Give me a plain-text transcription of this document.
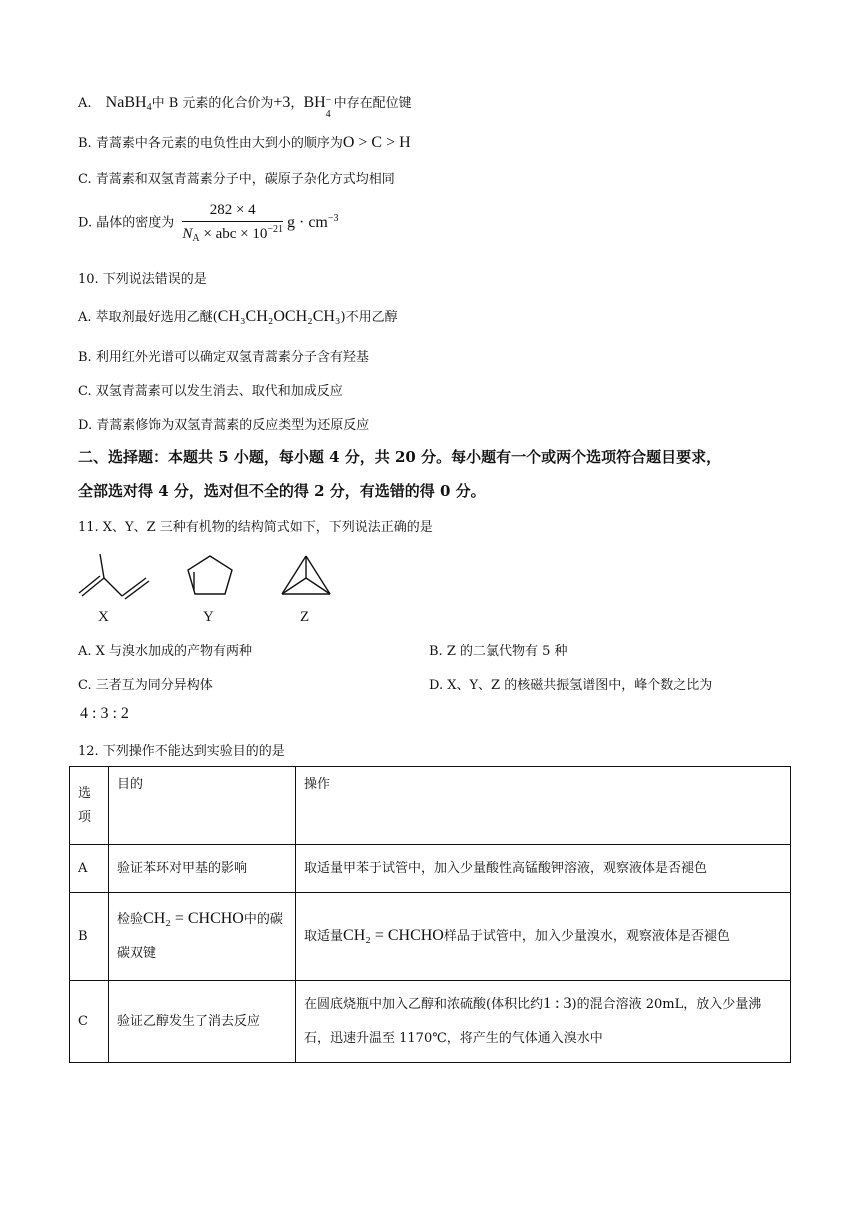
A. NaBH$_4$中 B 元素的化合价为+3，BH −
4
中存在配位键
B. 青蒿素中各元素的电负性由大到小的顺序为O > C > H
C. 青蒿素和双氢青蒿素分子中，碳原子杂化方式均相同
D. 晶体的密度为 $\frac{282 \times 4}{N_A \times abc \times 10^{-21}}$ $g \cdot cm^{-3}$
10. 下列说法错误的是
A. 萃取剂最好选用乙醚(CH₃CH₂OCH₂CH₃)不用乙醇
B. 利用红外光谱可以确定双氢青蒿素分子含有羟基
C. 双氢青蒿素可以发生消去、取代和加成反应
D. 青蒿素修饰为双氢青蒿素的反应类型为还原反应
二、选择题：本题共 5 小题，每小题 4 分，共 20 分。每小题有一个或两个选项符合题目要求，
全部选对得 4 分，选对但不全的得 2 分，有选错的得 0 分。
11. X、Y、Z 三种有机物的结构简式如下，下列说法正确的是
X	Y	Z
A. X 与溴水加成的产物有两种	B. Z 的二氯代物有 5 种
C. 三者互为同分异构体	D. X、Y、Z 的核磁共振氢谱图中，峰个数之比为
4 : 3 : 2
12. 下列操作不能达到实验目的的是
选项	目的	操作
A	验证苯环对甲基的影响	取适量甲苯于试管中，加入少量酸性高锰酸钾溶液，观察液体是否褪色
B	检验CH₂ = CHCHO中的碳碳双键	取适量CH₂ = CHCHO样品于试管中，加入少量溴水，观察液体是否褪色
C	验证乙醇发生了消去反应	在圆底烧瓶中加入乙醇和浓硫酸(体积比约1 : 3)的混合溶液 20mL，放入少量沸石，迅速升温至 1170℃，将产生的气体通入溴水中
